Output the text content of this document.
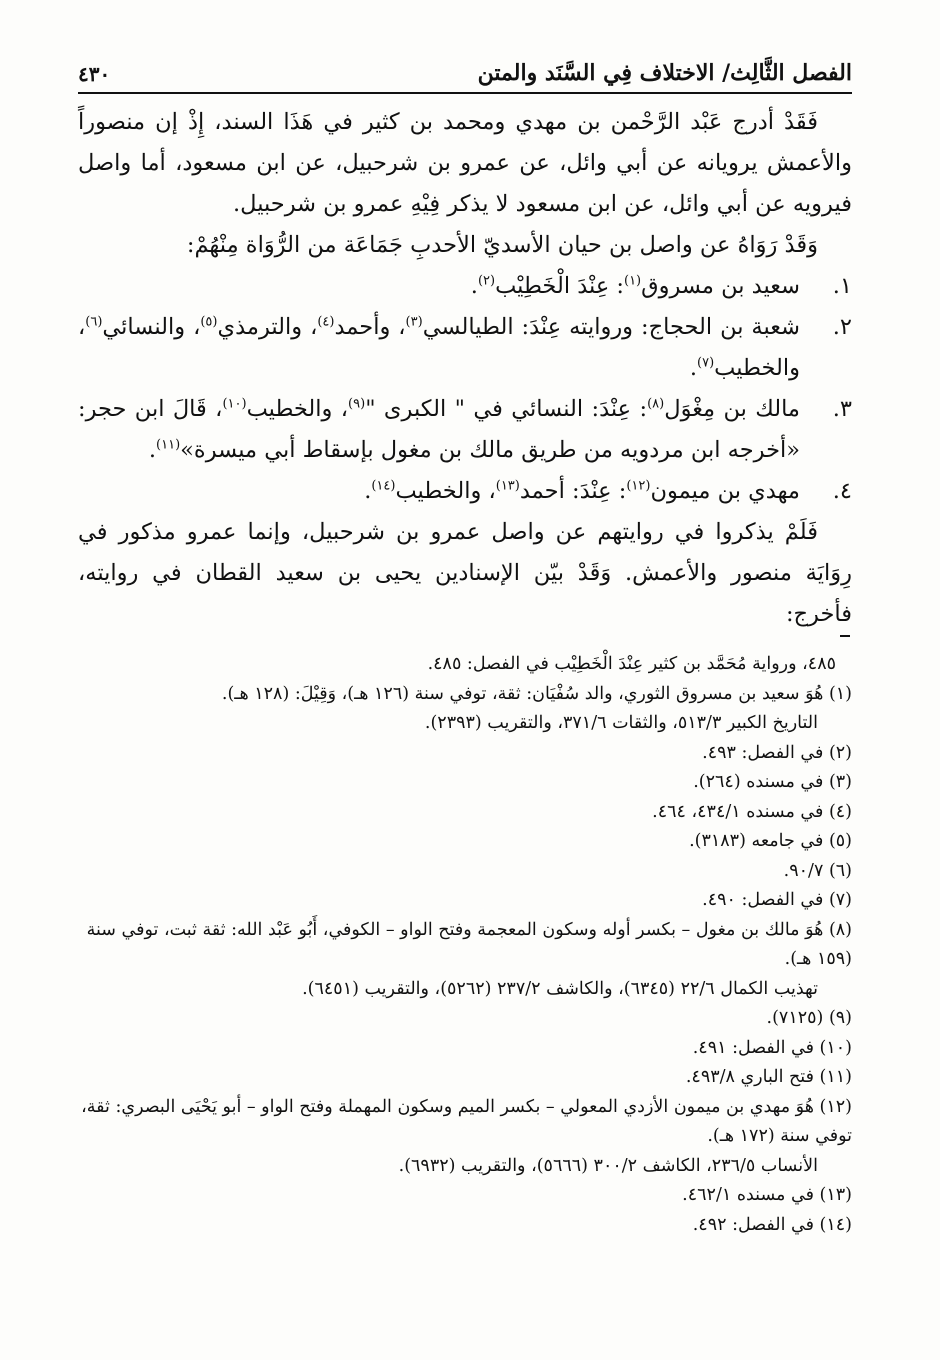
الفصل الثَّالِث/ الاختلاف فِي السَّنَد والمتن
٤٣٠

فَقَدْ أدرج عَبْد الرَّحْمن بن مهدي ومحمد بن كثير في هَذَا السند، إِذْ إن منصوراً والأعمش يرويانه عن أبي وائل، عن عمرو بن شرحبيل، عن ابن مسعود، أما واصل فيرويه عن أبي وائل، عن ابن مسعود لا يذكر فِيْهِ عمرو بن شرحبيل.

وَقَدْ رَوَاهُ عن واصل بن حيان الأسديّ الأحدبِ جَمَاعَة من الرُّوَاة مِنْهُمْ:

١.
سعيد بن مسروق$^{(١)}$: عِنْدَ الْخَطِيْب$^{(٢)}$.
٢.
شعبة بن الحجاج: وروايته عِنْدَ: الطيالسي$^{(٣)}$، وأحمد$^{(٤)}$، والترمذي$^{(٥)}$، والنسائي$^{(٦)}$، والخطيب$^{(٧)}$.
٣.
مالك بن مِغْوَل$^{(٨)}$: عِنْدَ: النسائي في " الكبرى "$^{(٩)}$، والخطيب$^{(١٠)}$، قَالَ ابن حجر: «أخرجه ابن مردويه من طريق مالك بن مغول بإسقاط أبي ميسرة»$^{(١١)}$.
٤.
مهدي بن ميمون$^{(١٢)}$: عِنْدَ: أحمد$^{(١٣)}$، والخطيب$^{(١٤)}$.

فَلَمْ يذكروا في روايتهم عن واصل عمرو بن شرحبيل، وإنما عمرو مذكور في رِوَايَة منصور والأعمش. وَقَدْ بيّن الإسنادين يحيى بن سعيد القطان في روايته، فأخرج:

٤٨٥، ورواية مُحَمَّد بن كثير عِنْدَ الْخَطِيْب في الفصل: ٤٨٥.
(١) هُوَ سعيد بن مسروق الثوري، والد سُفْيَان: ثقة، توفي سنة (١٢٦ هـ)، وَقِيْلَ: (١٢٨ هـ).
التاريخ الكبير ٥١٣/٣، والثقات ٣٧١/٦، والتقريب (٢٣٩٣).
(٢) في الفصل: ٤٩٣.
(٣) في مسنده (٢٦٤).
(٤) في مسنده ٤٣٤/١، ٤٦٤.
(٥) في جامعه (٣١٨٣).
(٦) ٩٠/٧.
(٧) في الفصل: ٤٩٠.
(٨) هُوَ مالك بن مغول – بكسر أوله وسكون المعجمة وفتح الواو – الكوفي، أَبُو عَبْد الله: ثقة ثبت، توفي سنة (١٥٩ هـ).
تهذيب الكمال ٢٢/٦ (٦٣٤٥)، والكاشف ٢٣٧/٢ (٥٢٦٢)، والتقريب (٦٤٥١).
(٩) (٧١٢٥).
(١٠) في الفصل: ٤٩١.
(١١) فتح الباري ٤٩٣/٨.
(١٢) هُوَ مهدي بن ميمون الأزدي المعولي – بكسر الميم وسكون المهملة وفتح الواو – أبو يَحْيَى البصري: ثقة، توفي سنة (١٧٢ هـ).
الأنساب ٢٣٦/٥، الكاشف ٣٠٠/٢ (٥٦٦٦)، والتقريب (٦٩٣٢).
(١٣) في مسنده ٤٦٢/١.
(١٤) في الفصل: ٤٩٢.
